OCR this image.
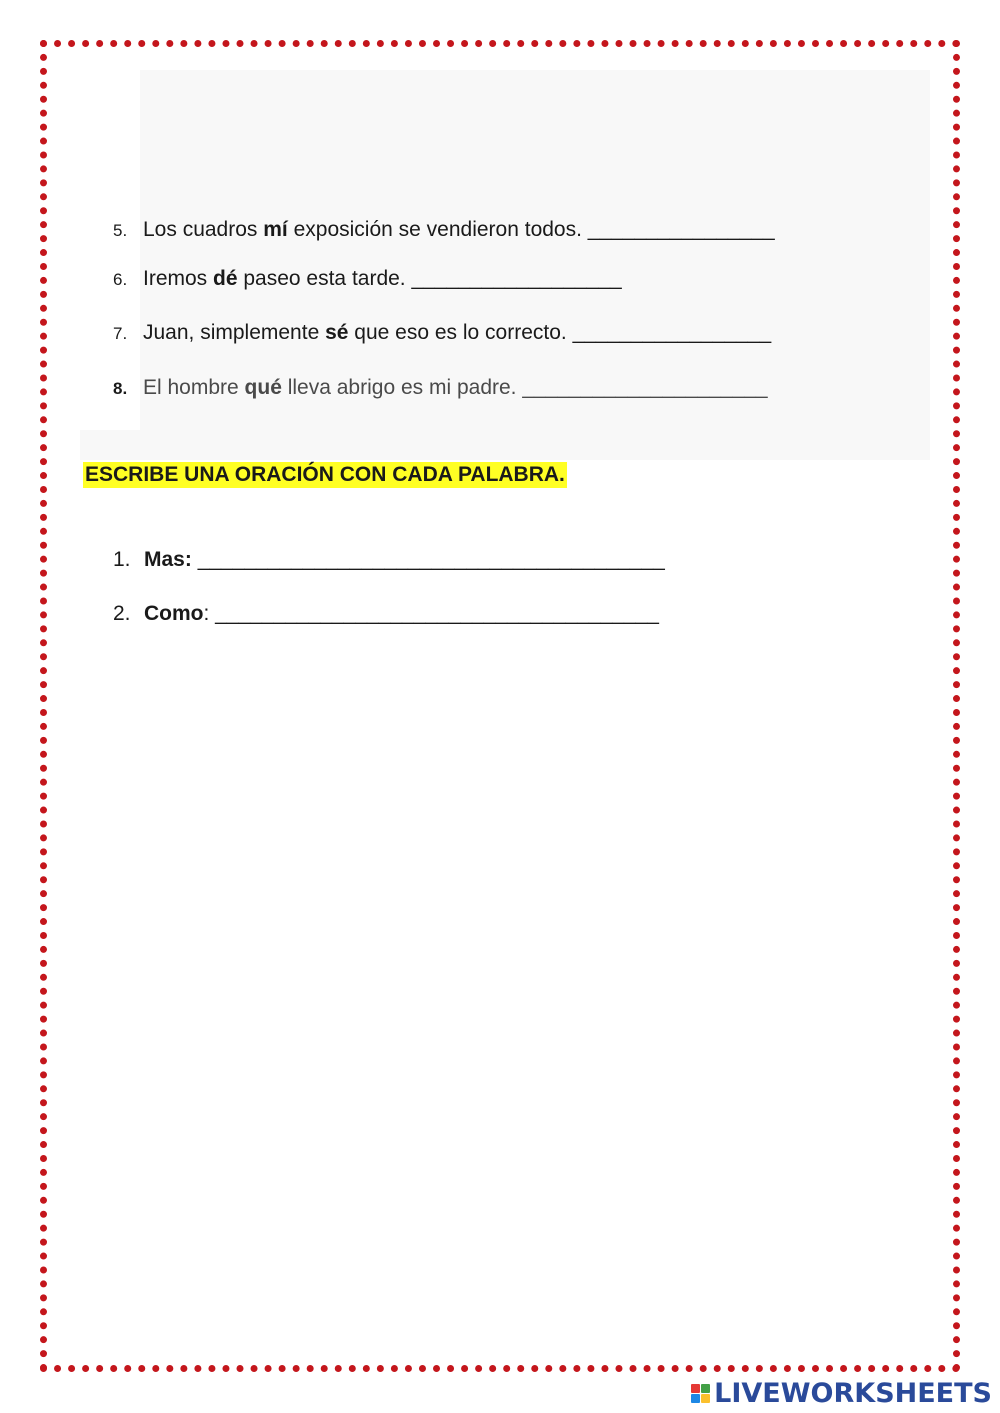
5. Los cuadros mí exposición se vendieron todos. ________________
6. Iremos dé paseo esta tarde. __________________
7. Juan, simplemente sé que eso es lo correcto. _________________
8. El hombre qué lleva abrigo es mi padre. _____________________
ESCRIBE UNA ORACIÓN CON CADA PALABRA.
1. Mas: ________________________________________
2. Como: ______________________________________
LIVEWORKSHEETS
